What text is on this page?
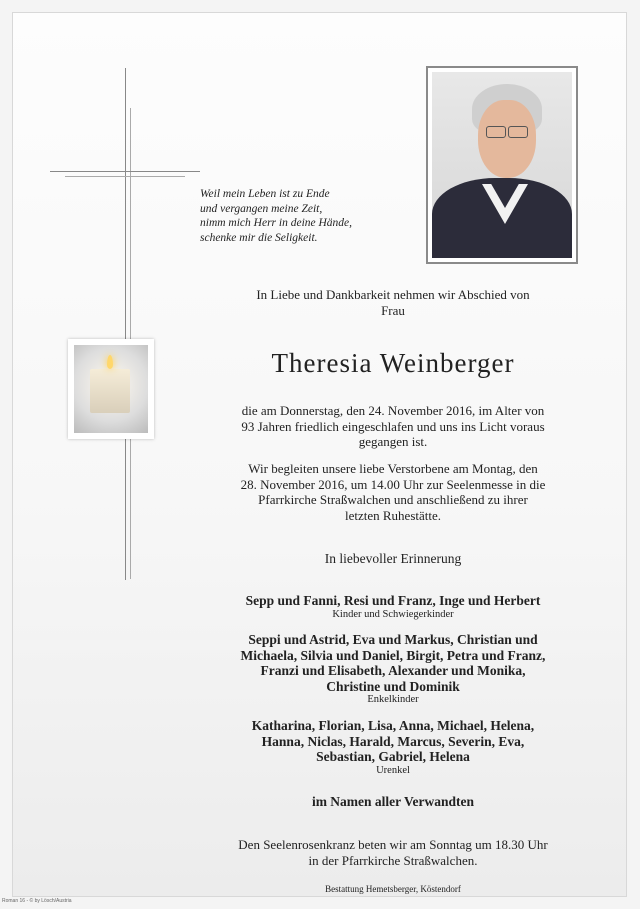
Weil mein Leben ist zu Ende
und vergangen meine Zeit,
nimm mich Herr in deine Hände,
schenke mir die Seligkeit.
In Liebe und Dankbarkeit nehmen wir Abschied von
Frau
Theresia Weinberger
die am Donnerstag, den 24. November 2016, im Alter von
93 Jahren friedlich eingeschlafen und uns ins Licht voraus
gegangen ist.
Wir begleiten unsere liebe Verstorbene am Montag, den
28. November 2016, um 14.00 Uhr zur Seelenmesse in die
Pfarrkirche Straßwalchen und anschließend zu ihrer
letzten Ruhestätte.
In liebevoller Erinnerung
Sepp und Fanni, Resi und Franz, Inge und Herbert
Kinder und Schwiegerkinder
Seppi und Astrid, Eva und Markus, Christian und
Michaela, Silvia und Daniel, Birgit, Petra und Franz,
Franzi und Elisabeth, Alexander und Monika,
Christine und Dominik
Enkelkinder
Katharina, Florian, Lisa, Anna, Michael, Helena,
Hanna, Niclas, Harald, Marcus, Severin, Eva,
Sebastian, Gabriel, Helena
Urenkel
im Namen aller Verwandten
Den Seelenrosenkranz beten wir am Sonntag um 18.30 Uhr
in der Pfarrkirche Straßwalchen.
Bestattung Hemetsberger, Köstendorf
Roman 16 - © by Lösch/Austria
